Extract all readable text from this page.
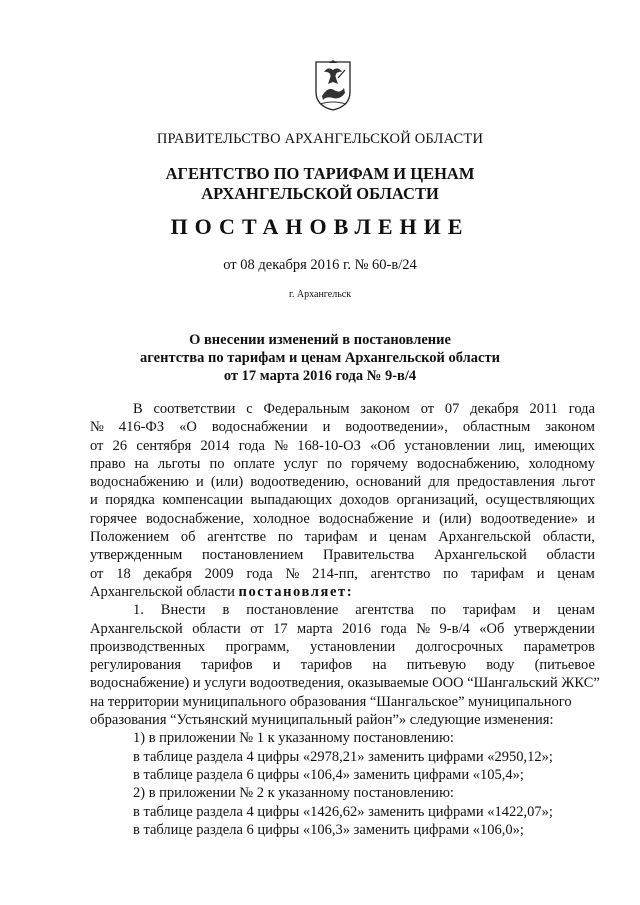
ПРАВИТЕЛЬСТВО АРХАНГЕЛЬСКОЙ ОБЛАСТИ
АГЕНТСТВО ПО ТАРИФАМ И ЦЕНАМ
АРХАНГЕЛЬСКОЙ ОБЛАСТИ
ПОСТАНОВЛЕНИЕ
от 08 декабря 2016 г. № 60-в/24
г. Архангельск
О внесении изменений в постановление
агентства по тарифам и ценам Архангельской области
от 17 марта 2016 года № 9-в/4
В соответствии с Федеральным законом от 07 декабря 2011 года
№ 416-ФЗ «О водоснабжении и водоотведении», областным законом
от 26 сентября 2014 года № 168-10-ОЗ «Об установлении лиц, имеющих
право на льготы по оплате услуг по горячему водоснабжению, холодному
водоснабжению и (или) водоотведению, оснований для предоставления льгот
и порядка компенсации выпадающих доходов организаций, осуществляющих
горячее водоснабжение, холодное водоснабжение и (или) водоотведение» и
Положением об агентстве по тарифам и ценам Архангельской области,
утвержденным постановлением Правительства Архангельской области
от 18 декабря 2009 года № 214-пп, агентство по тарифам и ценам
Архангельской области постановляет:
1. Внести в постановление агентства по тарифам и ценам
Архангельской области от 17 марта 2016 года № 9-в/4 «Об утверждении
производственных программ, установлении долгосрочных параметров
регулирования тарифов и тарифов на питьевую воду (питьевое
водоснабжение) и услуги водоотведения, оказываемые ООО “Шангальский ЖКС”
на территории муниципального образования “Шангальское” муниципального
образования “Устьянский муниципальный район”» следующие изменения:
1) в приложении № 1 к указанному постановлению:
в таблице раздела 4 цифры «2978,21» заменить цифрами «2950,12»;
в таблице раздела 6 цифры «106,4» заменить цифрами «105,4»;
2) в приложении № 2 к указанному постановлению:
в таблице раздела 4 цифры «1426,62» заменить цифрами «1422,07»;
в таблице раздела 6 цифры «106,3» заменить цифрами «106,0»;
